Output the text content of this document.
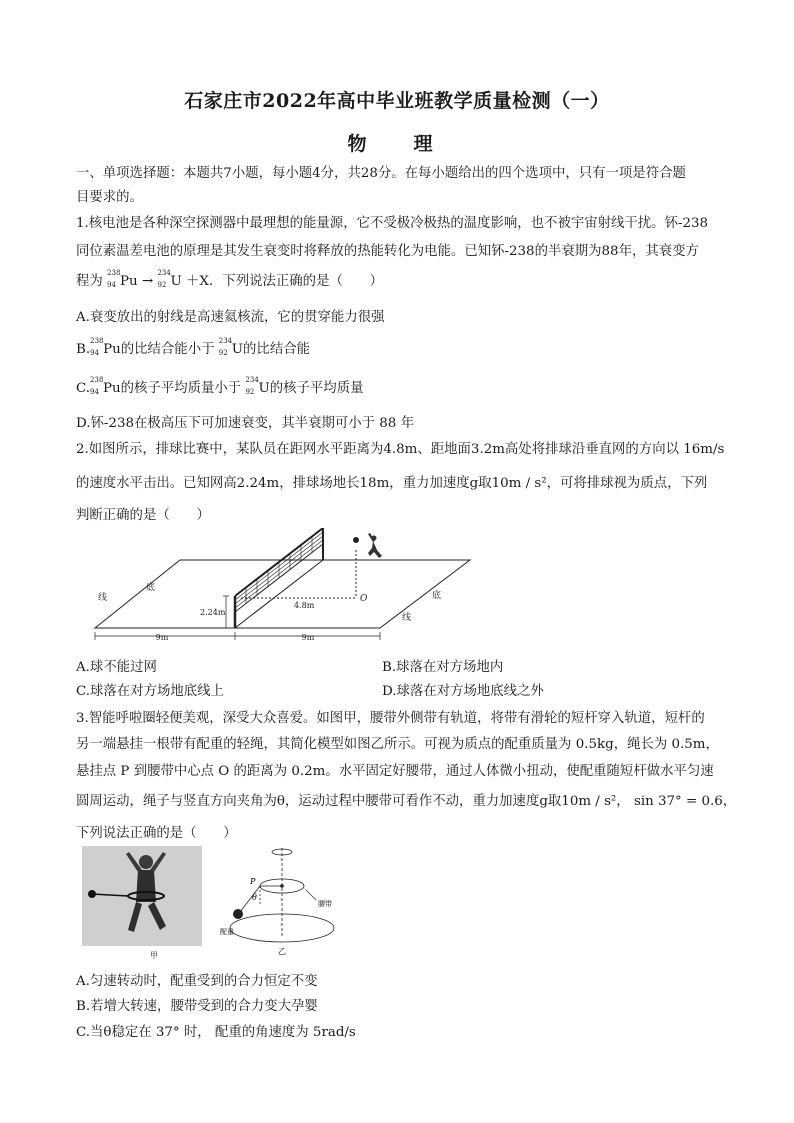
石家庄市2022年高中毕业班教学质量检测（一）
物　理
一、单项选择题：本题共7小题，每小题4分，共28分。在每小题给出的四个选项中，只有一项是符合题
目要求的。
1.核电池是各种深空探测器中最理想的能量源，它不受极冷极热的温度影响，也不被宇宙射线干扰。钚-238
同位素温差电池的原理是其发生衰变时将释放的热能转化为电能。已知钚-238的半衰期为88年，其衰变方
程为
238
94 Pu →
234
92 U ＋X．下列说法正确的是（　　）
A.衰变放出的射线是高速氦核流，它的贯穿能力很强
B.
238
94 Pu的比结合能小于
234
92 U的比结合能
C.
238
94 Pu的核子平均质量小于
234
92 U的核子平均质量
D.钚-238在极高压下可加速衰变，其半衰期可小于 88 年
2.如图所示，排球比赛中，某队员在距网水平距离为4.8m、距地面3.2m高处将排球沿垂直网的方向以 16m/s
的速度水平击出。已知网高2.24m，排球场地长18m，重力加速度g取10m / s²，可将排球视为质点，下列
判断正确的是（　　）
线
底
底
线
2.24m
4.8m
O
9m	9m
A.球不能过网	B.球落在对方场地内
C.球落在对方场地底线上	D.球落在对方场地底线之外
3.智能呼啦圈轻便美观，深受大众喜爱。如图甲，腰带外侧带有轨道，将带有滑轮的短杆穿入轨道，短杆的
另一端悬挂一根带有配重的轻绳，其简化模型如图乙所示。可视为质点的配重质量为 0.5kg，绳长为 0.5m，
悬挂点 P 到腰带中心点 O 的距离为 0.2m。水平固定好腰带，通过人体微小扭动，使配重随短杆做水平匀速
圆周运动，绳子与竖直方向夹角为θ，运动过程中腰带可看作不动，重力加速度g取10m / s²， sin 37° = 0.6，
下列说法正确的是（　　）
甲
P
θ
腰带
配重
乙
A.匀速转动时，配重受到的合力恒定不变
B.若增大转速，腰带受到的合力变大孕婴
C.当θ稳定在 37° 时， 配重的角速度为 5rad/s
